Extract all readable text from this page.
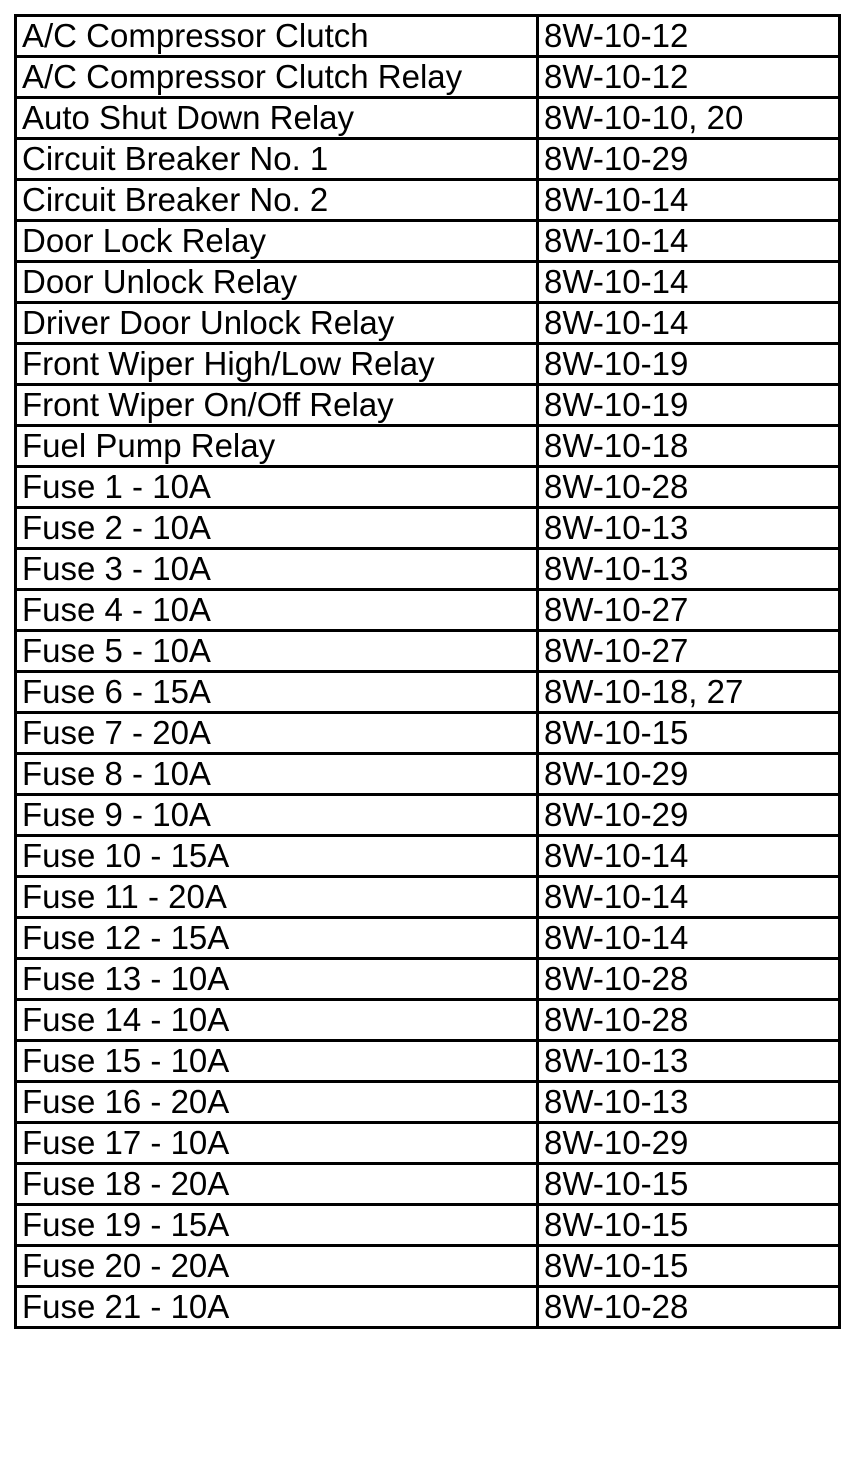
A/C Compressor Clutch	8W-10-12
A/C Compressor Clutch Relay	8W-10-12
Auto Shut Down Relay	8W-10-10, 20
Circuit Breaker No. 1	8W-10-29
Circuit Breaker No. 2	8W-10-14
Door Lock Relay	8W-10-14
Door Unlock Relay	8W-10-14
Driver Door Unlock Relay	8W-10-14
Front Wiper High/Low Relay	8W-10-19
Front Wiper On/Off Relay	8W-10-19
Fuel Pump Relay	8W-10-18
Fuse 1 - 10A	8W-10-28
Fuse 2 - 10A	8W-10-13
Fuse 3 - 10A	8W-10-13
Fuse 4 - 10A	8W-10-27
Fuse 5 - 10A	8W-10-27
Fuse 6 - 15A	8W-10-18, 27
Fuse 7 - 20A	8W-10-15
Fuse 8 - 10A	8W-10-29
Fuse 9 - 10A	8W-10-29
Fuse 10 - 15A	8W-10-14
Fuse 11 - 20A	8W-10-14
Fuse 12 - 15A	8W-10-14
Fuse 13 - 10A	8W-10-28
Fuse 14 - 10A	8W-10-28
Fuse 15 - 10A	8W-10-13
Fuse 16 - 20A	8W-10-13
Fuse 17 - 10A	8W-10-29
Fuse 18 - 20A	8W-10-15
Fuse 19 - 15A	8W-10-15
Fuse 20 - 20A	8W-10-15
Fuse 21 - 10A	8W-10-28
